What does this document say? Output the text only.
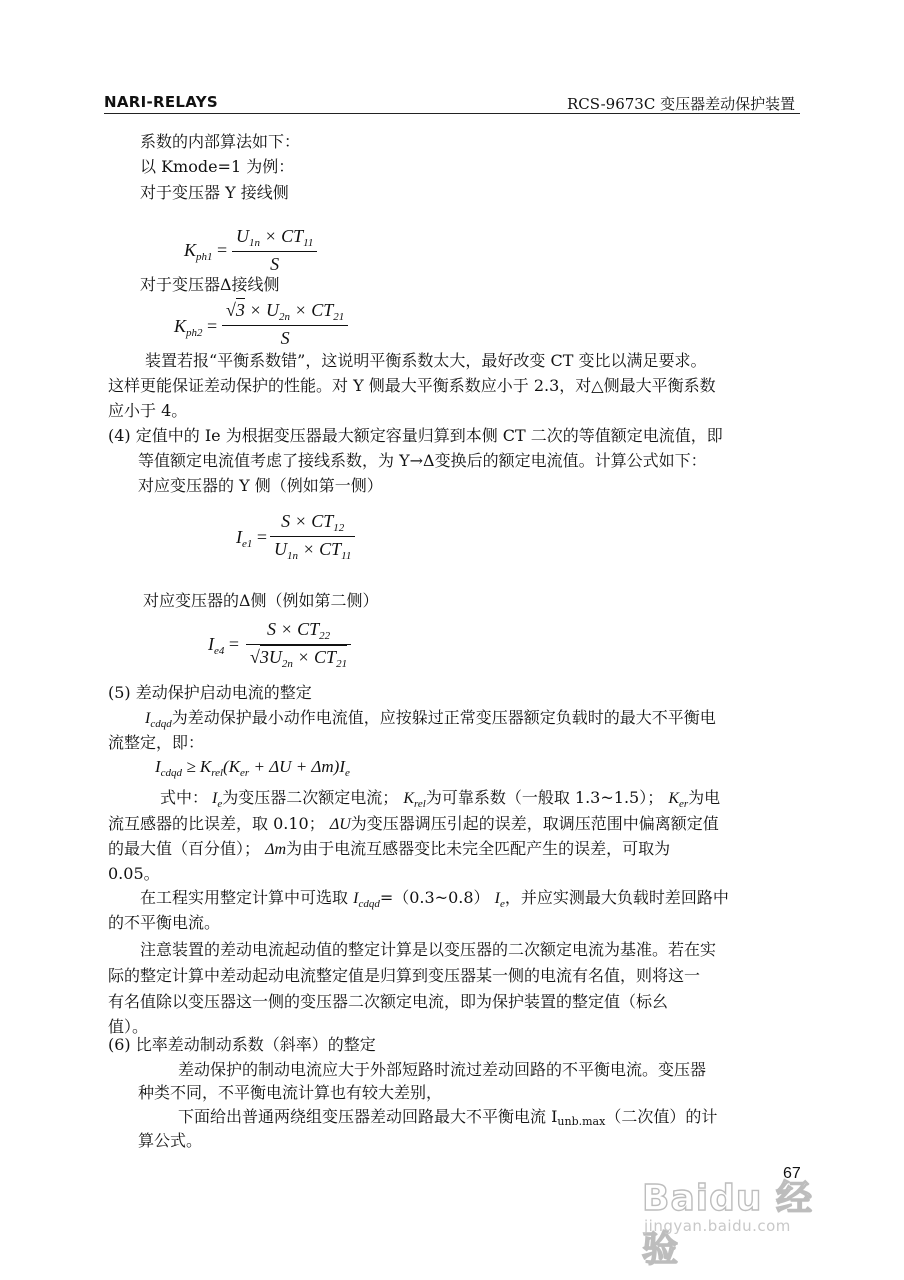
NARI-RELAYS	RCS-9673C 变压器差动保护装置
系数的内部算法如下：
以 Kmode=1 为例：
对于变压器 Y 接线侧
$K_{ph1} = \frac{U_{1n} \times CT_{11}}{S}$
对于变压器Δ接线侧
$K_{ph2} = \frac{√3 \times U_{2n} \times CT_{21}}{S}$
装置若报“平衡系数错”，这说明平衡系数太大，最好改变 CT 变比以满足要求。
这样更能保证差动保护的性能。对 Y 侧最大平衡系数应小于 2.3，对△侧最大平衡系数
应小于 4。
(4) 定值中的 Ie 为根据变压器最大额定容量归算到本侧 CT 二次的等值额定电流值，即
等值额定电流值考虑了接线系数，为 Y→Δ变换后的额定电流值。计算公式如下：
对应变压器的 Y 侧（例如第一侧）
$I_{e1} = \frac{S \times CT_{12}}{U_{1n} \times CT_{11}}$
对应变压器的Δ侧（例如第二侧）
$I_{e4} = \frac{S \times CT_{22}}{√3U_{2n} \times CT_{21}}$
(5) 差动保护启动电流的整定
$I_{cdqd}$为差动保护最小动作电流值，应按躲过正常变压器额定负载时的最大不平衡电
流整定，即：
$I_{cdqd} \ge K_{rel}(K_{er} + \Delta U + \Delta m)I_e$
式中： $I_e$为变压器二次额定电流； $K_{rel}$为可靠系数（一般取 1.3~1.5）； $K_{er}$为电
流互感器的比误差，取 0.10； ΔU为变压器调压引起的误差，取调压范围中偏离额定值
的最大值（百分值）； Δm为由于电流互感器变比未完全匹配产生的误差，可取为
0.05。
在工程实用整定计算中可选取 $I_{cdqd}=(0.3\sim 0.8)$ $I_e$，并应实测最大负载时差回路中
的不平衡电流。
注意装置的差动电流起动值的整定计算是以变压器的二次额定电流为基准。若在实
际的整定计算中差动起动电流整定值是归算到变压器某一侧的电流有名值，则将这一
有名值除以变压器这一侧的变压器二次额定电流，即为保护装置的整定值（标幺
值）。
(6) 比率差动制动系数（斜率）的整定
差动保护的制动电流应大于外部短路时流过差动回路的不平衡电流。变压器
种类不同，不平衡电流计算也有较大差别，
下面给出普通两绕组变压器差动回路最大不平衡电流 Iunb.max（二次值）的计
算公式。
67
Baidu 经验
jingyan.baidu.com
